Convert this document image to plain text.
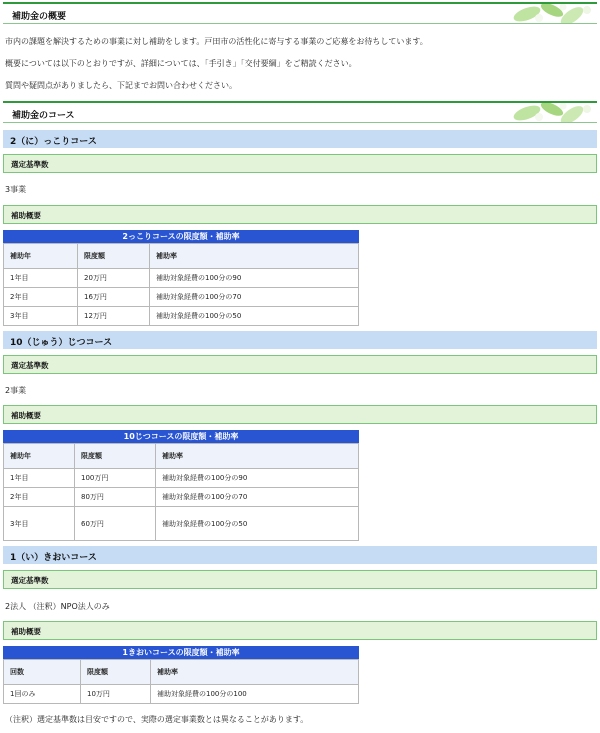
補助金の概要
市内の課題を解決するための事業に対し補助をします。戸田市の活性化に寄与する事業のご応募をお待ちしています。
概要については以下のとおりですが、詳細については、「手引き」「交付要綱」をご精読ください。
質問や疑問点がありましたら、下記までお問い合わせください。
補助金のコース
2（に）っこりコース
選定基準数
3事業
補助概要
2っこりコースの限度額・補助率
補助年	限度額	補助率
1年目	20万円	補助対象経費の100分の90
2年目	16万円	補助対象経費の100分の70
3年目	12万円	補助対象経費の100分の50
10（じゅう）じつコース
選定基準数
2事業
補助概要
10じつコースの限度額・補助率
補助年	限度額	補助率
1年目	100万円	補助対象経費の100分の90
2年目	80万円	補助対象経費の100分の70
3年目	60万円	補助対象経費の100分の50
1（い）きおいコース
選定基準数
2法人 （注釈）NPO法人のみ
補助概要
1きおいコースの限度額・補助率
回数	限度額	補助率
1回のみ	10万円	補助対象経費の100分の100
（注釈）選定基準数は目安ですので、実際の選定事業数とは異なることがあります。
